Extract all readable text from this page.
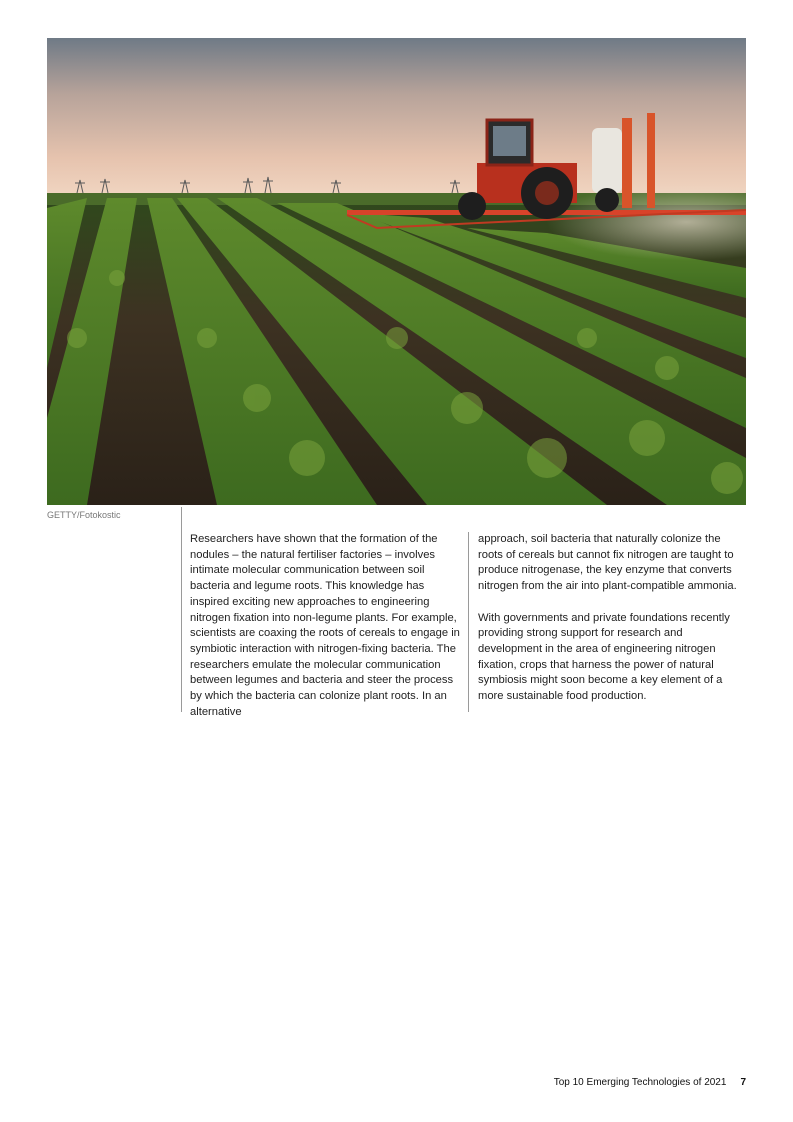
GETTY/Fotokostic

Researchers have shown that the formation of the nodules – the natural fertiliser factories – involves intimate molecular communication between soil bacteria and legume roots. This knowledge has inspired exciting new approaches to engineering nitrogen fixation into non-legume plants. For example, scientists are coaxing the roots of cereals to engage in symbiotic interaction with nitrogen-fixing bacteria. The researchers emulate the molecular communication between legumes and bacteria and steer the process by which the bacteria can colonize plant roots. In an alternative

approach, soil bacteria that naturally colonize the roots of cereals but cannot fix nitrogen are taught to produce nitrogenase, the key enzyme that converts nitrogen from the air into plant-compatible ammonia.

With governments and private foundations recently providing strong support for research and development in the area of engineering nitrogen fixation, crops that harness the power of natural symbiosis might soon become a key element of a more sustainable food production.

Top 10 Emerging Technologies of 2021 7
